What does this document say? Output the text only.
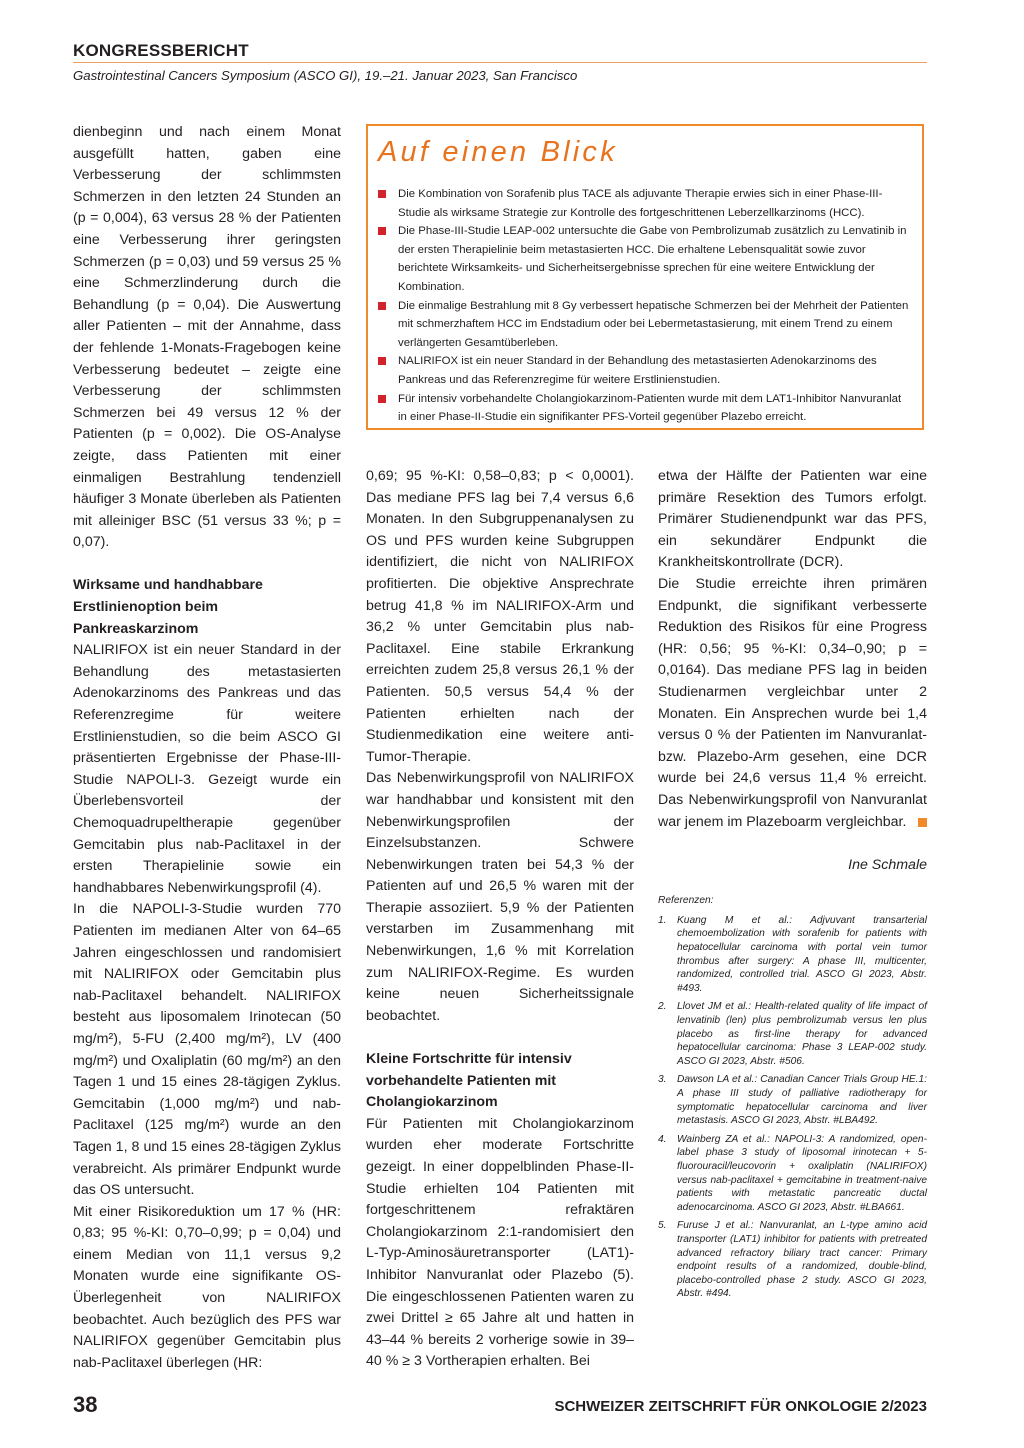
KONGRESSBERICHT
Gastrointestinal Cancers Symposium (ASCO GI), 19.–21. Januar 2023, San Francisco

dienbeginn und nach einem Monat ausgefüllt hatten, gaben eine Verbesserung der schlimmsten Schmerzen in den letzten 24 Stunden an (p = 0,004), 63 versus 28 % der Patienten eine Verbesserung ihrer geringsten Schmerzen (p = 0,03) und 59 versus 25 % eine Schmerzlinderung durch die Behandlung (p = 0,04). Die Auswertung aller Patienten – mit der Annahme, dass der fehlende 1-Monats-Fragebogen keine Verbesserung bedeutet – zeigte eine Verbesserung der schlimmsten Schmerzen bei 49 versus 12 % der Patienten (p = 0,002). Die OS-Analyse zeigte, dass Patienten mit einer einmaligen Bestrahlung tendenziell häufiger 3 Monate überleben als Patienten mit alleiniger BSC (51 versus 33 %; p = 0,07).

Wirksame und handhabbare Erstlinienoption beim Pankreaskarzinom

NALIRIFOX ist ein neuer Standard in der Behandlung des metastasierten Adenokarzinoms des Pankreas und das Referenzregime für weitere Erstlinienstudien, so die beim ASCO GI präsentierten Ergebnisse der Phase-III-Studie NAPOLI-3. Gezeigt wurde ein Überlebensvorteil der Chemoquadrupeltherapie gegenüber Gemcitabin plus nab-Paclitaxel in der ersten Therapielinie sowie ein handhabbares Nebenwirkungsprofil (4).

In die NAPOLI-3-Studie wurden 770 Patienten im medianen Alter von 64–65 Jahren eingeschlossen und randomisiert mit NALIRIFOX oder Gemcitabin plus nab-Paclitaxel behandelt. NALIRIFOX besteht aus liposomalem Irinotecan (50 mg/m²), 5-FU (2,400 mg/m²), LV (400 mg/m²) und Oxaliplatin (60 mg/m²) an den Tagen 1 und 15 eines 28-tägigen Zyklus. Gemcitabin (1,000 mg/m²) und nab-Paclitaxel (125 mg/m²) wurde an den Tagen 1, 8 und 15 eines 28-tägigen Zyklus verabreicht. Als primärer Endpunkt wurde das OS untersucht.

Mit einer Risikoreduktion um 17 % (HR: 0,83; 95 %-KI: 0,70–0,99; p = 0,04) und einem Median von 11,1 versus 9,2 Monaten wurde eine signifikante OS-Überlegenheit von NALIRIFOX beobachtet. Auch bezüglich des PFS war NALIRIFOX gegenüber Gemcitabin plus nab-Paclitaxel überlegen (HR:

Auf einen Blick
Die Kombination von Sorafenib plus TACE als adjuvante Therapie erwies sich in einer Phase-III-Studie als wirksame Strategie zur Kontrolle des fortgeschrittenen Leberzellkarzinoms (HCC).
Die Phase-III-Studie LEAP-002 untersuchte die Gabe von Pembrolizumab zusätzlich zu Lenvatinib in der ersten Therapielinie beim metastasierten HCC. Die erhaltene Lebensqualität sowie zuvor berichtete Wirksamkeits- und Sicherheitsergebnisse sprechen für eine weitere Entwicklung der Kombination.
Die einmalige Bestrahlung mit 8 Gy verbessert hepatische Schmerzen bei der Mehrheit der Patienten mit schmerzhaftem HCC im Endstadium oder bei Lebermetastasierung, mit einem Trend zu einem verlängerten Gesamtüberleben.
NALIRIFOX ist ein neuer Standard in der Behandlung des metastasierten Adenokarzinoms des Pankreas und das Referenzregime für weitere Erstlinienstudien.
Für intensiv vorbehandelte Cholangiokarzinom-Patienten wurde mit dem LAT1-Inhibitor Nanvuranlat in einer Phase-II-Studie ein signifikanter PFS-Vorteil gegenüber Plazebo erreicht.

0,69; 95 %-KI: 0,58–0,83; p < 0,0001). Das mediane PFS lag bei 7,4 versus 6,6 Monaten. In den Subgruppenanalysen zu OS und PFS wurden keine Subgruppen identifiziert, die nicht von NALIRIFOX profitierten. Die objektive Ansprechrate betrug 41,8 % im NALIRIFOX-Arm und 36,2 % unter Gemcitabin plus nab-Paclitaxel. Eine stabile Erkrankung erreichten zudem 25,8 versus 26,1 % der Patienten. 50,5 versus 54,4 % der Patienten erhielten nach der Studienmedikation eine weitere anti-Tumor-Therapie.

Das Nebenwirkungsprofil von NALIRIFOX war handhabbar und konsistent mit den Nebenwirkungsprofilen der Einzelsubstanzen. Schwere Nebenwirkungen traten bei 54,3 % der Patienten auf und 26,5 % waren mit der Therapie assoziiert. 5,9 % der Patienten verstarben im Zusammenhang mit Nebenwirkungen, 1,6 % mit Korrelation zum NALIRIFOX-Regime. Es wurden keine neuen Sicherheitssignale beobachtet.

Kleine Fortschritte für intensiv vorbehandelte Patienten mit Cholangiokarzinom

Für Patienten mit Cholangiokarzinom wurden eher moderate Fortschritte gezeigt. In einer doppelblinden Phase-II-Studie erhielten 104 Patienten mit fortgeschrittenem refraktären Cholangiokarzinom 2:1-randomisiert den L-Typ-Aminosäuretransporter (LAT1)-Inhibitor Nanvuranlat oder Plazebo (5). Die eingeschlossenen Patienten waren zu zwei Drittel ≥ 65 Jahre alt und hatten in 43–44 % bereits 2 vorherige sowie in 39–40 % ≥ 3 Vortherapien erhalten. Bei

etwa der Hälfte der Patienten war eine primäre Resektion des Tumors erfolgt. Primärer Studienendpunkt war das PFS, ein sekundärer Endpunkt die Krankheitskontrollrate (DCR).

Die Studie erreichte ihren primären Endpunkt, die signifikant verbesserte Reduktion des Risikos für eine Progress (HR: 0,56; 95 %-KI: 0,34–0,90; p = 0,0164). Das mediane PFS lag in beiden Studienarmen vergleichbar unter 2 Monaten. Ein Ansprechen wurde bei 1,4 versus 0 % der Patienten im Nanvuranlat- bzw. Plazebo-Arm gesehen, eine DCR wurde bei 24,6 versus 11,4 % erreicht. Das Nebenwirkungsprofil von Nanvuranlat war jenem im Plazeboarm vergleichbar.

Ine Schmale
Referenzen:
1. Kuang M et al.: Adjvuvant transarterial chemoembolization with sorafenib for patients with hepatocellular carcinoma with portal vein tumor thrombus after surgery: A phase III, multicenter, randomized, controlled trial. ASCO GI 2023, Abstr. #493.
2. Llovet JM et al.: Health-related quality of life impact of lenvatinib (len) plus pembrolizumab versus len plus placebo as first-line therapy for advanced hepatocellular carcinoma: Phase 3 LEAP-002 study. ASCO GI 2023, Abstr. #506.
3. Dawson LA et al.: Canadian Cancer Trials Group HE.1: A phase III study of palliative radiotherapy for symptomatic hepatocellular carcinoma and liver metastasis. ASCO GI 2023, Abstr. #LBA492.
4. Wainberg ZA et al.: NAPOLI-3: A randomized, open-label phase 3 study of liposomal irinotecan + 5-fluorouracil/leucovorin + oxaliplatin (NALIRIFOX) versus nab-paclitaxel + gemcitabine in treatment-naive patients with metastatic pancreatic ductal adenocarcinoma. ASCO GI 2023, Abstr. #LBA661.
5. Furuse J et al.: Nanvuranlat, an L-type amino acid transporter (LAT1) inhibitor for patients with pretreated advanced refractory biliary tract cancer: Primary endpoint results of a randomized, double-blind, placebo-controlled phase 2 study. ASCO GI 2023, Abstr. #494.
38	SCHWEIZER ZEITSCHRIFT FÜR ONKOLOGIE 2/2023
